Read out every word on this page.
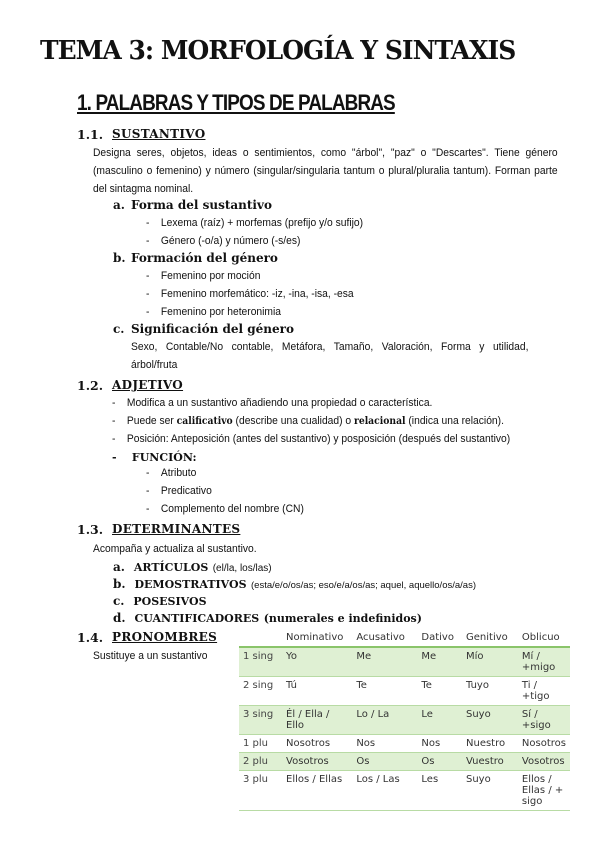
TEMA 3: MORFOLOGÍA Y SINTAXIS
1. PALABRAS Y TIPOS DE PALABRAS
1.1. SUSTANTIVO
Designa seres, objetos, ideas o sentimientos, como "árbol", "paz" o "Descartes". Tiene género (masculino o femenino) y número (singular/singularia tantum o plural/pluralia tantum). Forman parte del sintagma nominal.
a. Forma del sustantivo
-    Lexema (raíz) + morfemas (prefijo y/o sufijo)
-    Género (-o/a) y número (-s/es)
b. Formación del género
-    Femenino por moción
-    Femenino morfemático: -iz, -ina, -isa, -esa
-    Femenino por heteronimia
c. Significación del género
Sexo, Contable/No contable, Metáfora, Tamaño, Valoración, Forma y utilidad, árbol/fruta
1.2. ADJETIVO
-    Modifica a un sustantivo añadiendo una propiedad o característica.
-    Puede ser calificativo (describe una cualidad) o relacional (indica una relación).
-    Posición: Anteposición (antes del sustantivo) y posposición (después del sustantivo)
-    FUNCIÓN:
-    Atributo
-    Predicativo
-    Complemento del nombre (CN)
1.3. DETERMINANTES
Acompaña y actualiza al sustantivo.
a. ARTÍCULOS (el/la, los/las)
b. DEMOSTRATIVOS (esta/e/o/os/as; eso/e/a/os/as; aquel, aquello/os/a/as)
c. POSESIVOS
d. CUANTIFICADORES (numerales e indefinidos)
1.4. PRONOMBRES
Sustituye a un sustantivo
	Nominativo	Acusativo	Dativo	Genitivo	Oblicuo
1 sing	Yo	Me	Me	Mío	Mí / +migo
2 sing	Tú	Te	Te	Tuyo	Ti / +tigo
3 sing	Él / Ella / Ello	Lo / La	Le	Suyo	Sí / +sigo
1 plu	Nosotros	Nos	Nos	Nuestro	Nosotros
2 plu	Vosotros	Os	Os	Vuestro	Vosotros
3 plu	Ellos / Ellas	Los / Las	Les	Suyo	Ellos / Ellas / + sigo
